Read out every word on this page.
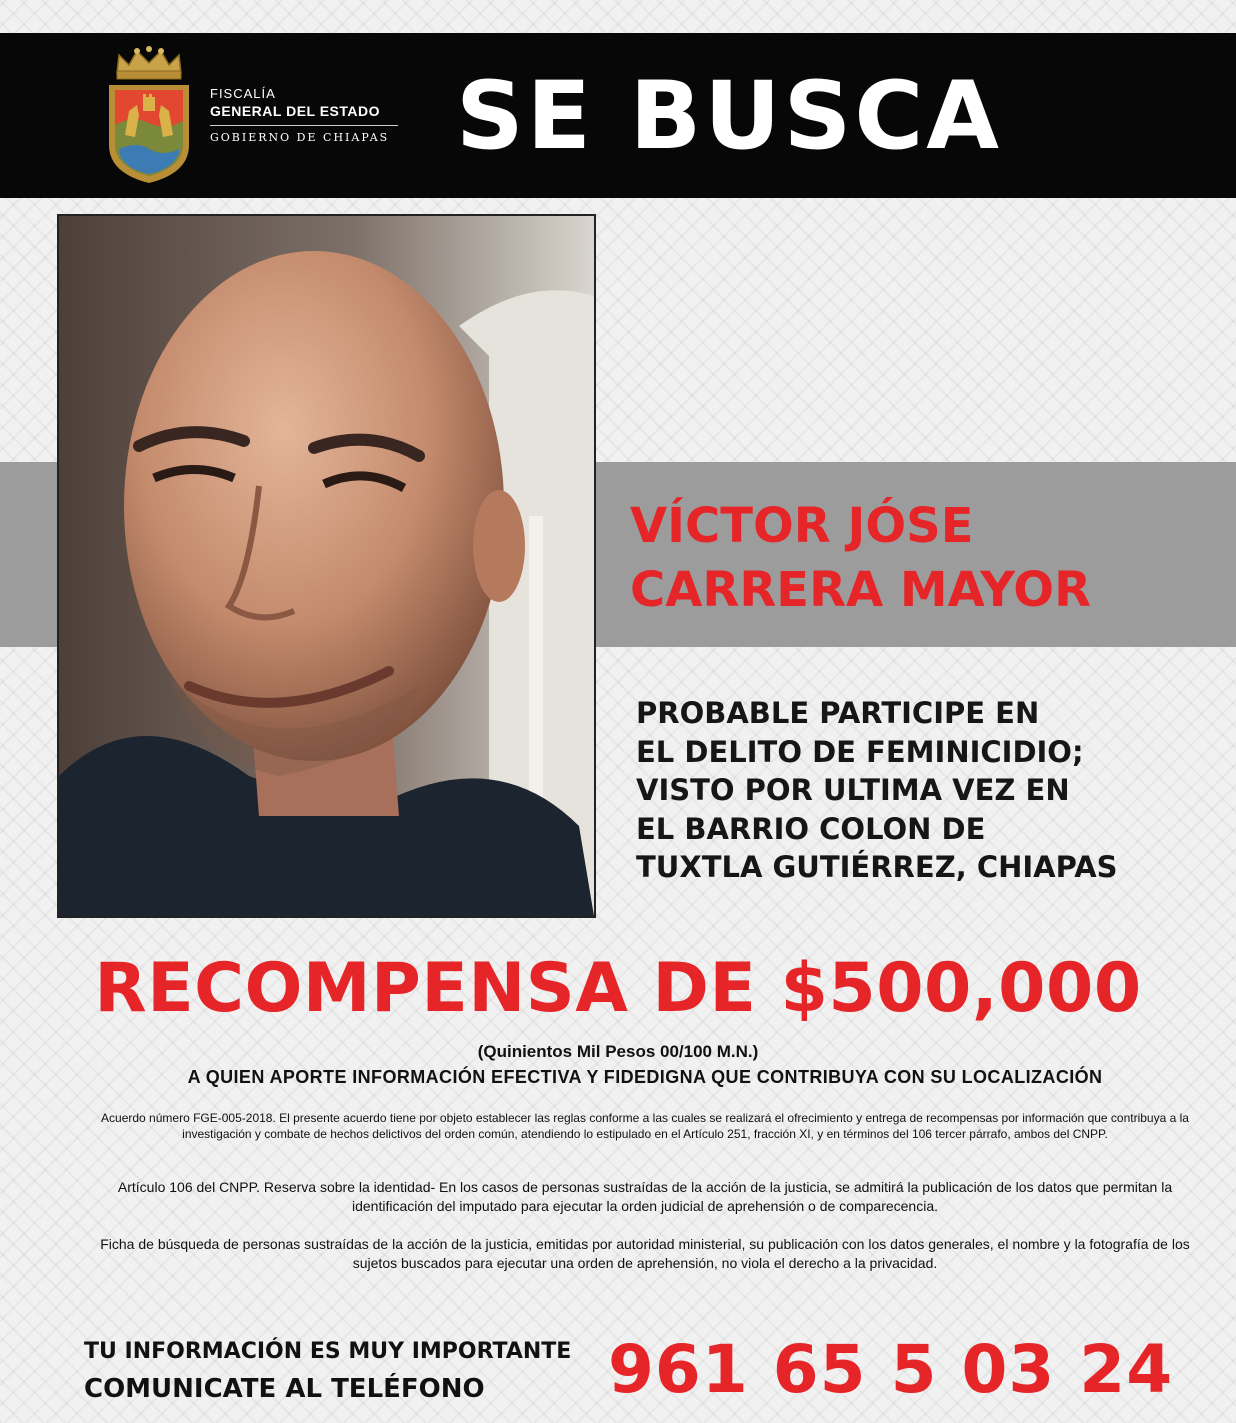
FISCALÍA
GENERAL DEL ESTADO
GOBIERNO DE CHIAPAS SE BUSCA
VÍCTOR JÓSE
CARRERA MAYOR
PROBABLE PARTICIPE EN
EL DELITO DE FEMINICIDIO;
VISTO POR ULTIMA VEZ EN
EL BARRIO COLON DE
TUXTLA GUTIÉRREZ, CHIAPAS
RECOMPENSA DE $500,000
(Quinientos Mil Pesos 00/100 M.N.)
A QUIEN APORTE INFORMACIÓN EFECTIVA Y FIDEDIGNA QUE CONTRIBUYA CON SU LOCALIZACIÓN
Acuerdo número FGE-005-2018. El presente acuerdo tiene por objeto establecer las reglas conforme a las cuales se realizará el ofrecimiento y entrega de recompensas por información que contribuya a la investigación y combate de hechos delictivos del orden común, atendiendo lo estipulado en el Artículo 251, fracción XI, y en términos del 106 tercer párrafo, ambos del CNPP.
Artículo 106 del CNPP. Reserva sobre la identidad- En los casos de personas sustraídas de la acción de la justicia, se admitirá la publicación de los datos que permitan la identificación del imputado para ejecutar la orden judicial de aprehensión o de comparecencia.
Ficha de búsqueda de personas sustraídas de la acción de la justicia, emitidas por autoridad ministerial, su publicación con los datos generales, el nombre y la fotografía de los sujetos buscados para ejecutar una orden de aprehensión, no viola el derecho a la privacidad.
TU INFORMACIÓN ES MUY IMPORTANTE
COMUNICATE AL TELÉFONO	961 65 5 03 24
